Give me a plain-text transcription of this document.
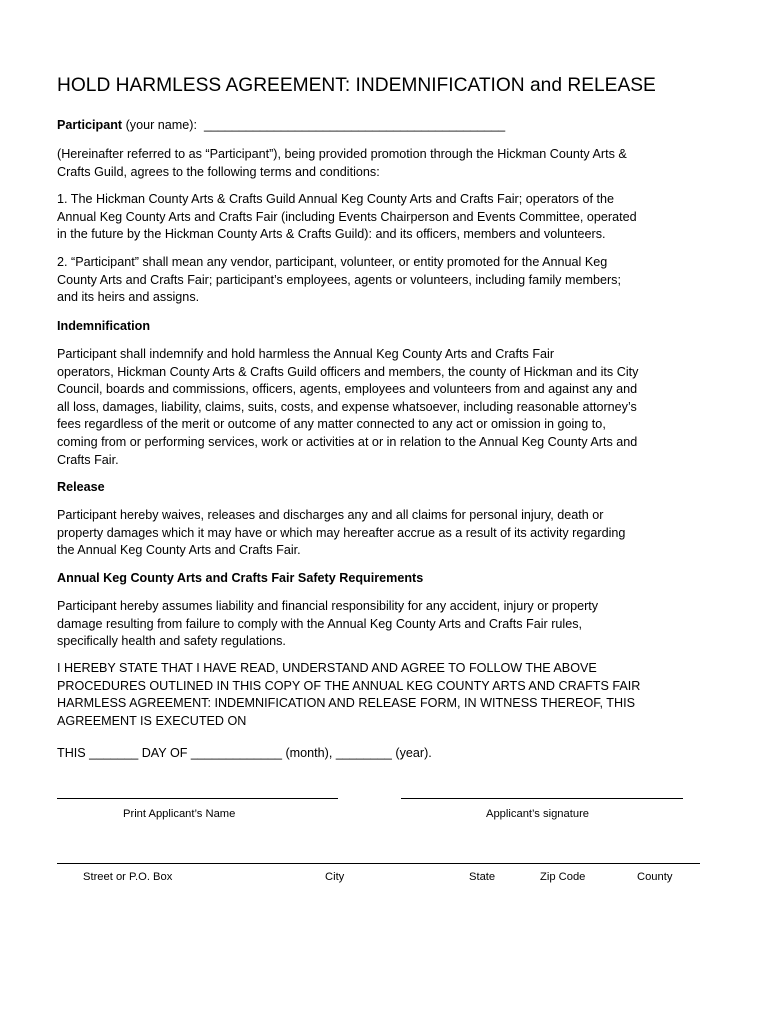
HOLD HARMLESS AGREEMENT: INDEMNIFICATION and RELEASE
Participant (your name):  ___________________________________________
(Hereinafter referred to as “Participant”), being provided promotion through the Hickman County Arts &
Crafts Guild, agrees to the following terms and conditions:
1. The Hickman County Arts & Crafts Guild Annual Keg County Arts and Crafts Fair; operators of the
Annual Keg County Arts and Crafts Fair (including Events Chairperson and Events Committee, operated
in the future by the Hickman County Arts & Crafts Guild): and its officers, members and volunteers.
2. “Participant” shall mean any vendor, participant, volunteer, or entity promoted for the Annual Keg
County Arts and Crafts Fair; participant’s employees, agents or volunteers, including family members;
and its heirs and assigns.
Indemnification
Participant shall indemnify and hold harmless the Annual Keg County Arts and Crafts Fair
operators, Hickman County Arts & Crafts Guild officers and members, the county of Hickman and its City
Council, boards and commissions, officers, agents, employees and volunteers from and against any and
all loss, damages, liability, claims, suits, costs, and expense whatsoever, including reasonable attorney’s
fees regardless of the merit or outcome of any matter connected to any act or omission in going to,
coming from or performing services, work or activities at or in relation to the Annual Keg County Arts and
Crafts Fair.
Release
Participant hereby waives, releases and discharges any and all claims for personal injury, death or
property damages which it may have or which may hereafter accrue as a result of its activity regarding
the Annual Keg County Arts and Crafts Fair.
Annual Keg County Arts and Crafts Fair Safety Requirements
Participant hereby assumes liability and financial responsibility for any accident, injury or property
damage resulting from failure to comply with the Annual Keg County Arts and Crafts Fair rules,
specifically health and safety regulations.
I HEREBY STATE THAT I HAVE READ, UNDERSTAND AND AGREE TO FOLLOW THE ABOVE
PROCEDURES OUTLINED IN THIS COPY OF THE ANNUAL KEG COUNTY ARTS AND CRAFTS FAIR
HARMLESS AGREEMENT: INDEMNIFICATION AND RELEASE FORM, IN WITNESS THEREOF, THIS
AGREEMENT IS EXECUTED ON
THIS _______ DAY OF _____________ (month), ________ (year).
Print Applicant’s Name	Applicant’s signature
Street or P.O. Box	City	State	Zip Code	County
